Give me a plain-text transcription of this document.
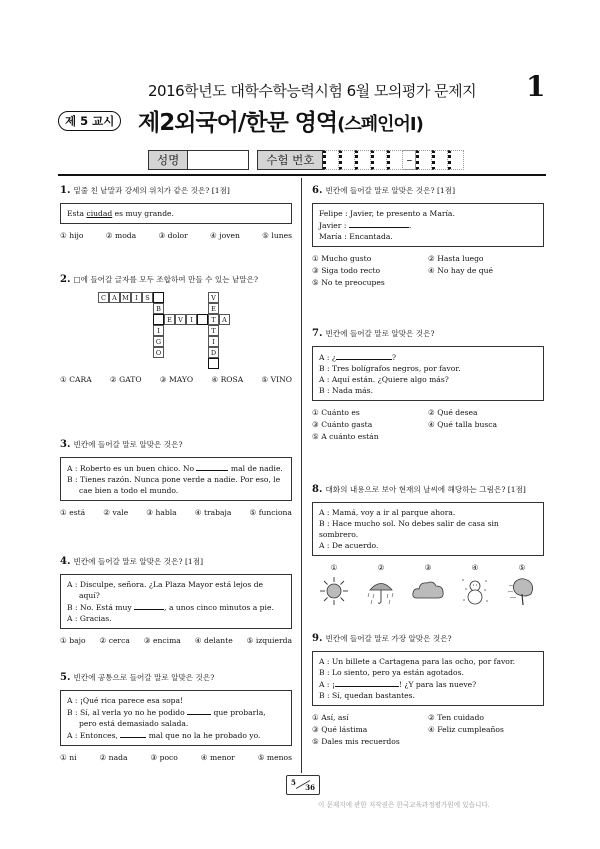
2016학년도 대학수학능력시험 6월 모의평가 문제지 1
제 5 교시	제2외국어/한문 영역(스페인어Ⅰ)
성명	수험 번호	–

1. 밑줄 친 낱말과 강세의 위치가 같은 것은? [1점]

Esta ciudad es muy grande.

① hijo	② moda	③ dolor	④ joven	⑤ lunes

2. □에 들어갈 글자를 모두 조합하여 만들 수 있는 낱말은?

C A M I	S	V
B	E
E V	I	T A
I	T
G	I
O	D
① CARA ② GATO ③ MAYO ④ ROSA ⑤ VINO

3. 빈칸에 들어갈 말로 알맞은 것은?

A : Roberto es un buen chico. No	mal de nadie.

B : Tienes razón. Nunca pone verde a nadie. Por eso, le cae bien a todo el mundo.

① está ② vale ③ habla ④ trabaja ⑤ funciona

4. 빈칸에 들어갈 말로 알맞은 것은? [1점]

A : Disculpe, señora. ¿La Plaza Mayor está lejos de aquí?

B : No. Está muy	, a unos cinco minutos a pie.

A : Gracias.

① bajo ② cerca ③ encima ④ delante ⑤ izquierda

5. 빈칸에 공통으로 들어갈 말로 알맞은 것은?

A : ¡Qué rica parece esa sopa!

B : Sí, al verla yo no he podido	que probarla, pero está demasiado salada.

A : Entonces,	mal que no la he probado yo.

① ni	② nada	③ poco	④ menor	⑤ menos

6. 빈칸에 들어갈 말로 알맞은 것은? [1점]

Felipe : Javier, te presento a María.

Javier :	.

María : Encantada.

① Mucho gusto	② Hasta luego
③ Siga todo recto	④ No hay de qué
⑤ No te preocupes

7. 빈칸에 들어갈 말로 알맞은 것은?

A : ¿	?

B : Tres bolígrafos negros, por favor.

A : Aquí están. ¿Quiere algo más?

B : Nada más.

① Cuánto es	② Qué desea
③ Cuánto gasta	④ Qué talla busca
⑤ A cuánto están

8. 대화의 내용으로 보아 현재의 날씨에 해당하는 그림은? [1점]

A : Mamá, voy a ir al parque ahora.

B : Hace mucho sol. No debes salir de casa sin sombrero.

A : De acuerdo.

①	②	③	④	⑤

9. 빈칸에 들어갈 말로 가장 알맞은 것은?

A : Un billete a Cartagena para las ocho, por favor.

B : Lo siento, pero ya están agotados.

A : ¡	! ¿Y para las nueve?

B : Sí, quedan bastantes.

① Así, así	② Ten cuidado
③ Qué lástima	④ Feliz cumpleaños
⑤ Dales mis recuerdos
5
36
이 문제지에 관한 저작권은 한국교육과정평가원에 있습니다.
